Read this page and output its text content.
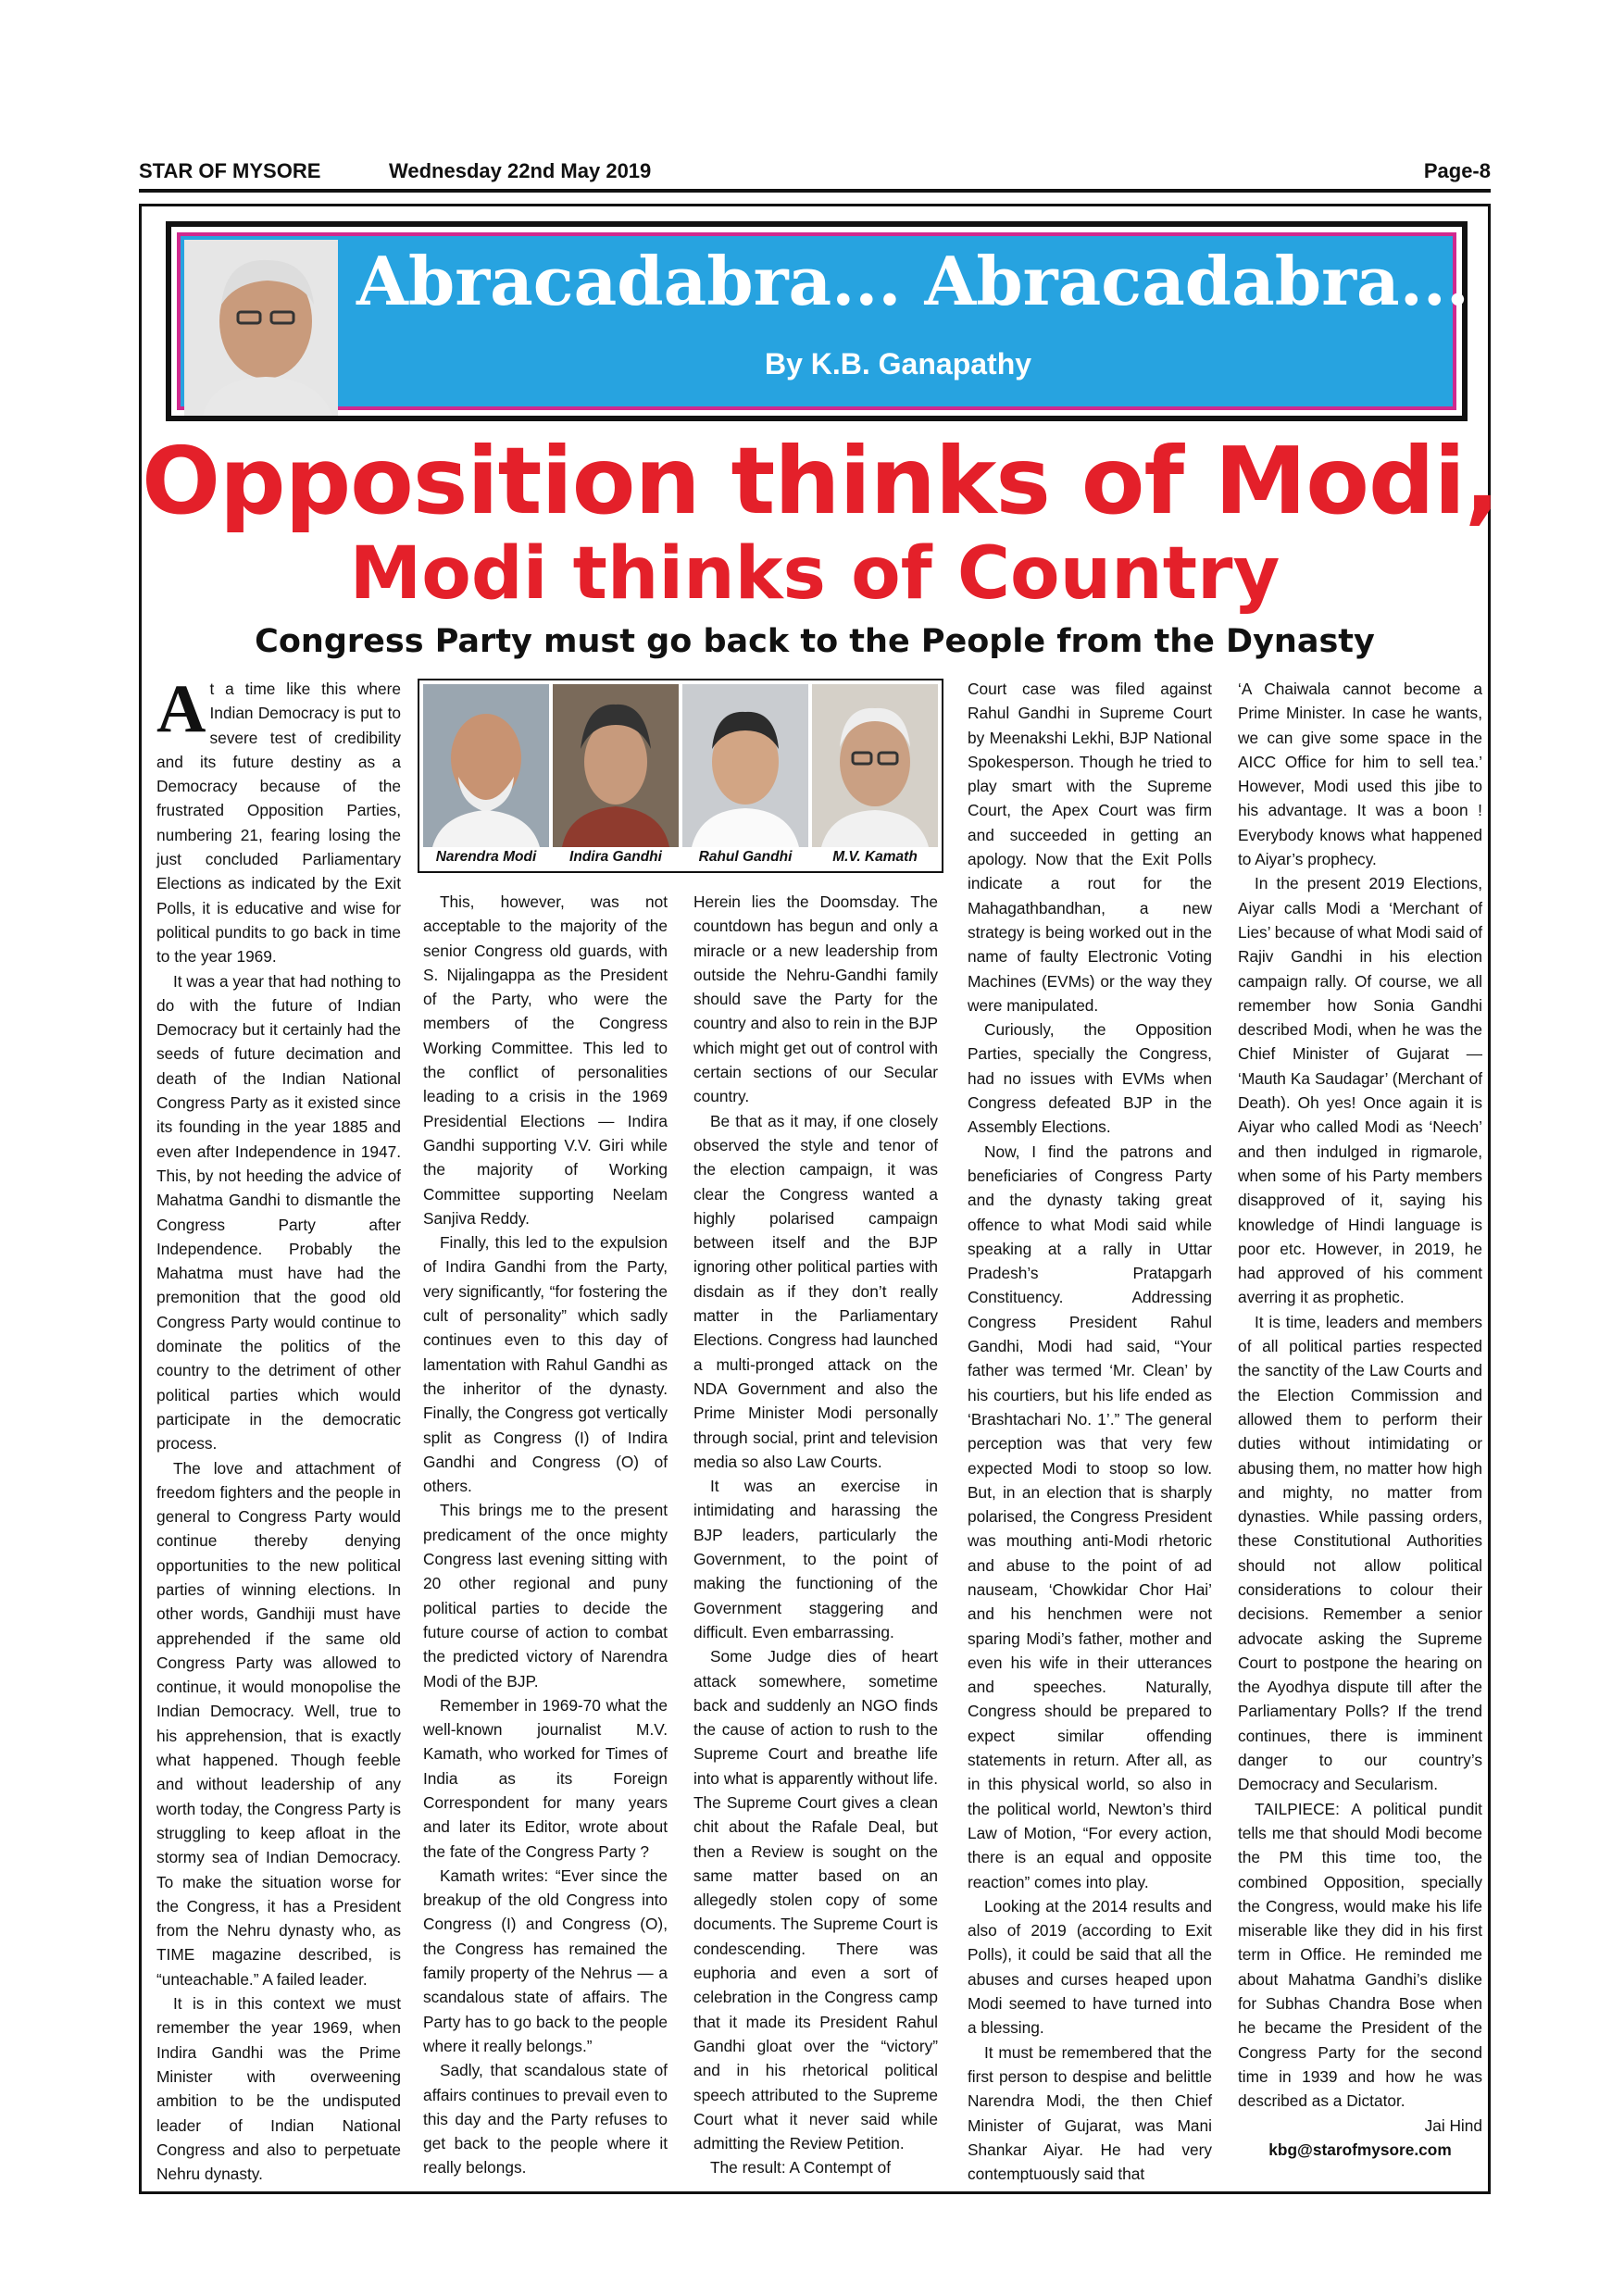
STAR OF MYSORE	Wednesday 22nd May 2019	Page-8
Abracadabra... Abracadabra...
By K.B. Ganapathy
Opposition thinks of Modi,
Modi thinks of Country
Congress Party must go back to the People from the Dynasty
A t a time like this where Indian Democracy is put to severe test of credibility and its future destiny as a Democracy because of the frustrated Opposition Parties, numbering 21, fearing losing the just concluded Parliamentary Elections as indicated by the Exit Polls, it is educative and wise for political pundits to go back in time to the year 1969.

It was a year that had nothing to do with the future of Indian Democracy but it certainly had the seeds of future decimation and death of the Indian National Congress Party as it existed since its founding in the year 1885 and even after Independence in 1947. This, by not heeding the advice of Mahatma Gandhi to dismantle the Congress Party after Independence. Probably the Mahatma must have had the premonition that the good old Congress Party would continue to dominate the politics of the country to the detriment of other political parties which would participate in the democratic process.

The love and attachment of freedom fighters and the people in general to Congress Party would continue thereby denying opportunities to the new political parties of winning elections. In other words, Gandhiji must have apprehended if the same old Congress Party was allowed to continue, it would monopolise the Indian Democracy. Well, true to his apprehension, that is exactly what happened. Though feeble and without leadership of any worth today, the Congress Party is struggling to keep afloat in the stormy sea of Indian Democracy. To make the situation worse for the Congress, it has a President from the Nehru dynasty who, as TIME magazine described, is “unteachable.” A failed leader.

It is in this context we must remember the year 1969, when Indira Gandhi was the Prime Minister with overweening ambition to be the undisputed leader of Indian National Congress and also to perpetuate Nehru dynasty.

Narendra Modi	Indira Gandhi	Rahul Gandhi	M.V. Kamath

This, however, was not acceptable to the majority of the senior Congress old guards, with S. Nijalingappa as the President of the Party, who were the members of the Congress Working Committee. This led to the conflict of personalities leading to a crisis in the 1969 Presidential Elections — Indira Gandhi supporting V.V. Giri while the majority of Working Committee supporting Neelam Sanjiva Reddy.

Finally, this led to the expulsion of Indira Gandhi from the Party, very significantly, “for fostering the cult of personality” which sadly continues even to this day of lamentation with Rahul Gandhi as the inheritor of the dynasty. Finally, the Congress got vertically split as Congress (I) of Indira Gandhi and Congress (O) of others.

This brings me to the present predicament of the once mighty Congress last evening sitting with 20 other regional and puny political parties to decide the future course of action to combat the predicted victory of Narendra Modi of the BJP.

Remember in 1969-70 what the well-known journalist M.V. Kamath, who worked for Times of India as its Foreign Correspondent for many years and later its Editor, wrote about the fate of the Congress Party ?

Kamath writes: “Ever since the breakup of the old Congress into Congress (I) and Congress (O), the Congress has remained the family property of the Nehrus — a scandalous state of affairs. The Party has to go back to the people where it really belongs.”

Sadly, that scandalous state of affairs continues to prevail even to this day and the Party refuses to get back to the people where it really belongs.

Herein lies the Doomsday. The countdown has begun and only a miracle or a new leadership from outside the Nehru-Gandhi family should save the Party for the country and also to rein in the BJP which might get out of control with certain sections of our Secular country.

Be that as it may, if one closely observed the style and tenor of the election campaign, it was clear the Congress wanted a highly polarised campaign between itself and the BJP ignoring other political parties with disdain as if they don’t really matter in the Parliamentary Elections. Congress had launched a multi-pronged attack on the NDA Government and also the Prime Minister Modi personally through social, print and television media so also Law Courts.

It was an exercise in intimidating and harassing the BJP leaders, particularly the Government, to the point of making the functioning of the Government staggering and difficult. Even embarrassing.

Some Judge dies of heart attack somewhere, sometime back and suddenly an NGO finds the cause of action to rush to the Supreme Court and breathe life into what is apparently without life. The Supreme Court gives a clean chit about the Rafale Deal, but then a Review is sought on the same matter based on an allegedly stolen copy of some documents. The Supreme Court is condescending. There was euphoria and even a sort of celebration in the Congress camp that it made its President Rahul Gandhi gloat over the “victory” and in his rhetorical political speech attributed to the Supreme Court what it never said while admitting the Review Petition.

The result: A Contempt of

Court case was filed against Rahul Gandhi in Supreme Court by Meenakshi Lekhi, BJP National Spokesperson. Though he tried to play smart with the Supreme Court, the Apex Court was firm and succeeded in getting an apology. Now that the Exit Polls indicate a rout for the Mahagathbandhan, a new strategy is being worked out in the name of faulty Electronic Voting Machines (EVMs) or the way they were manipulated.

Curiously, the Opposition Parties, specially the Congress, had no issues with EVMs when Congress defeated BJP in the Assembly Elections.

Now, I find the patrons and beneficiaries of Congress Party and the dynasty taking great offence to what Modi said while speaking at a rally in Uttar Pradesh’s Pratapgarh Constituency. Addressing Congress President Rahul Gandhi, Modi had said, “Your father was termed ‘Mr. Clean’ by his courtiers, but his life ended as ‘Brashtachari No. 1’.” The general perception was that very few expected Modi to stoop so low. But, in an election that is sharply polarised, the Congress President was mouthing anti-Modi rhetoric and abuse to the point of ad nauseam, ‘Chowkidar Chor Hai’ and his henchmen were not sparing Modi’s father, mother and even his wife in their utterances and speeches. Naturally, Congress should be prepared to expect similar offending statements in return. After all, as in this physical world, so also in the political world, Newton’s third Law of Motion, “For every action, there is an equal and opposite reaction” comes into play.

Looking at the 2014 results and also of 2019 (according to Exit Polls), it could be said that all the abuses and curses heaped upon Modi seemed to have turned into a blessing.

It must be remembered that the first person to despise and belittle Narendra Modi, the then Chief Minister of Gujarat, was Mani Shankar Aiyar. He had very contemptuously said that

‘A Chaiwala cannot become a Prime Minister. In case he wants, we can give some space in the AICC Office for him to sell tea.’ However, Modi used this jibe to his advantage. It was a boon ! Everybody knows what happened to Aiyar’s prophecy.

In the present 2019 Elections, Aiyar calls Modi a ‘Merchant of Lies’ because of what Modi said of Rajiv Gandhi in his election campaign rally. Of course, we all remember how Sonia Gandhi described Modi, when he was the Chief Minister of Gujarat — ‘Mauth Ka Saudagar’ (Merchant of Death). Oh yes! Once again it is Aiyar who called Modi as ‘Neech’ and then indulged in rigmarole, when some of his Party members disapproved of it, saying his knowledge of Hindi language is poor etc. However, in 2019, he had approved of his comment averring it as prophetic.

It is time, leaders and members of all political parties respected the sanctity of the Law Courts and the Election Commission and allowed them to perform their duties without intimidating or abusing them, no matter how high and mighty, no matter from dynasties. While passing orders, these Constitutional Authorities should not allow political considerations to colour their decisions. Remember a senior advocate asking the Supreme Court to postpone the hearing on the Ayodhya dispute till after the Parliamentary Polls? If the trend continues, there is imminent danger to our country’s Democracy and Secularism.

TAILPIECE: A political pundit tells me that should Modi become the PM this time too, the combined Opposition, specially the Congress, would make his life miserable like they did in his first term in Office. He reminded me about Mahatma Gandhi’s dislike for Subhas Chandra Bose when he became the President of the Congress Party for the second time in 1939 and how he was described as a Dictator.

Jai Hind

kbg@starofmysore.com
